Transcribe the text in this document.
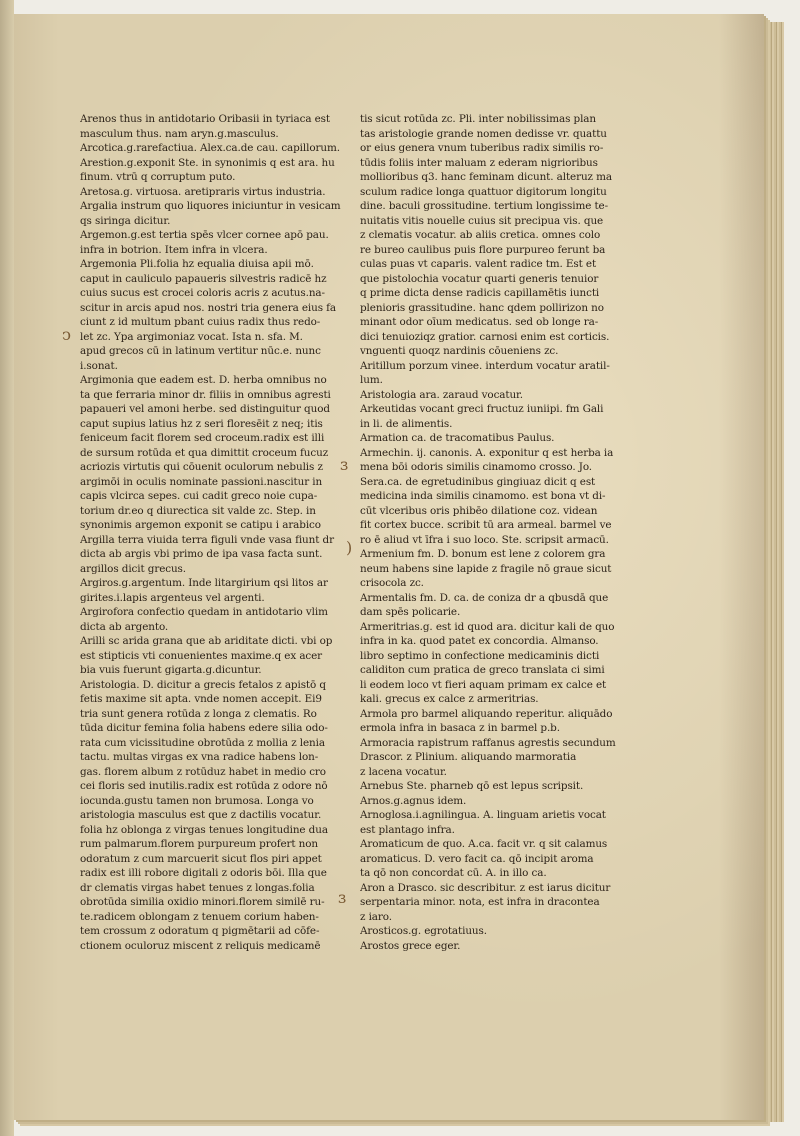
Arenos thus in antidotario Oribasii in tyriaca est
masculum thus. nam aryn.g.masculus.
Arcotica.g.rarefactiua. Alex.ca.de cau. capillorum.
Arestion.g.exponit Ste. in synonimis q est ara. hu
finum. vtrū q corruptum puto.
Aretosa.g. virtuosa. aretipraris virtus industria.
Argalia instrum quo liquores iniciuntur in vesicam
qs siringa dicitur.
Argemon.g.est tertia spēs vlcer cornee apō pau.
infra in botrion. Item infra in vlcera.
Argemonia Pli.folia hz equalia diuisa apii mō.
caput in cauliculo papaueris silvestris radicē hz
cuius sucus est crocei coloris acris z acutus.na-
scitur in arcis apud nos. nostri tria genera eius fa
ciunt z id multum pbant cuius radix thus redo-
let zc. Ypa argimoniaz vocat. Ista n. sfa. M.
apud grecos cū in latinum vertitur nūc.e. nunc
i.sonat.
Argimonia que eadem est. D. herba omnibus no
ta que ferraria minor dr. filiis in omnibus agresti
papaueri vel amoni herbe. sed distinguitur quod
caput supius latius hz z seri floresēit z neq; itis
feniceum facit florem sed croceum.radix est illi
de sursum rotūda et qua dimittit croceum fucuz
acriozis virtutis qui cōuenit oculorum nebulis z
argimōi in oculis nominate passioni.nascitur in
capis vlcirca sepes. cui cadit greco noie cupa-
torium dr.eo q diurectica sit valde zc. Step. in
synonimis argemon exponit se catipu i arabico
Argilla terra viuida terra figuli vnde vasa fiunt dr
dicta ab argis vbi primo de ipa vasa facta sunt.
argillos dicit grecus.
Argiros.g.argentum. Inde litargirium qsi litos ar
girites.i.lapis argenteus vel argenti.
Argirofora confectio quedam in antidotario vlim
dicta ab argento.
Arilli sc arida grana que ab ariditate dicti. vbi op
est stipticis vti conuenientes maxime.q ex acer
bia vuis fuerunt gigarta.g.dicuntur.
Aristologia. D. dicitur a grecis fetalos z apistō q
fetis maxime sit apta. vnde nomen accepit. Ei9
tria sunt genera rotūda z longa z clematis. Ro
tūda dicitur femina folia habens edere silia odo-
rata cum vicissitudine obrotūda z mollia z lenia
tactu. multas virgas ex vna radice habens lon-
gas. florem album z rotūduz habet in medio cro
cei floris sed inutilis.radix est rotūda z odore nō
iocunda.gustu tamen non brumosa. Longa vo
aristologia masculus est que z dactilis vocatur.
folia hz oblonga z virgas tenues longitudine dua
rum palmarum.florem purpureum profert non
odoratum z cum marcuerit sicut flos piri appet
radix est illi robore digitali z odoris bōi. Illa que
dr clematis virgas habet tenues z longas.folia
obrotūda similia oxidio minori.florem similē ru-
te.radicem oblongam z tenuem corium haben-
tem crossum z odoratum q pigmētarii ad cōfe-
ctionem oculoruz miscent z reliquis medicamē
tis sicut rotūda zc. Pli. inter nobilissimas plan
tas aristologie grande nomen dedisse vr. quattu
or eius genera vnum tuberibus radix similis ro-
tūdis foliis inter maluam z ederam nigrioribus
mollioribus q3. hanc feminam dicunt. alteruz ma
sculum radice longa quattuor digitorum longitu
dine. baculi grossitudine. tertium longissime te-
nuitatis vitis nouelle cuius sit precipua vis. que
z clematis vocatur. ab aliis cretica. omnes colo
re bureo caulibus puis flore purpureo ferunt ba
culas puas vt caparis. valent radice tm. Est et
que pistolochia vocatur quarti generis tenuior
q prime dicta dense radicis capillamētis iuncti
plenioris grassitudine. hanc qdem pollirizon no
minant odor oīum medicatus. sed ob longe ra-
dici tenuioziqz gratior. carnosi enim est corticis.
vnguenti quoqz nardinis cōueniens zc.
Aritillum porzum vinee. interdum vocatur aratil-
lum.
Aristologia ara. zaraud vocatur.
Arkeutidas vocant greci fructuz iuniipi. fm Gali
in li. de alimentis.
Armation ca. de tracomatibus Paulus.
Armechin. ij. canonis. A. exponitur q est herba ia
mena bōi odoris similis cinamomo crosso. Jo.
Sera.ca. de egretudinibus gingiuaz dicit q est
medicina inda similis cinamomo. est bona vt di-
cūt vlceribus oris phibēo dilatione coz. videan
fit cortex bucce. scribit tū ara armeal. barmel ve
ro ē aliud vt īfra i suo loco. Ste. scripsit armacū.
Armenium fm. D. bonum est lene z colorem gra
neum habens sine lapide z fragile nō graue sicut
crisocola zc.
Armentalis fm. D. ca. de coniza dr a qbusdā que
dam spēs policarie.
Armeritrias.g. est id quod ara. dicitur kali de quo
infra in ka. quod patet ex concordia. Almanso.
libro septimo in confectione medicaminis dicti
caliditon cum pratica de greco translata ci simi
li eodem loco vt fieri aquam primam ex calce et
kali. grecus ex calce z armeritrias.
Armola pro barmel aliquando reperitur. aliquādo
ermola infra in basaca z in barmel p.b.
Armoracia rapistrum raffanus agrestis secundum
Drascor. z Plinium. aliquando marmoratia
z lacena vocatur.
Arnebus Ste. pharneb qō est lepus scripsit.
Arnos.g.agnus idem.
Arnoglosa.i.agnilingua. A. linguam arietis vocat
est plantago infra.
Aromaticum de quo. A.ca. facit vr. q sit calamus
aromaticus. D. vero facit ca. qō incipit aroma
ta qō non concordat cū. A. in illo ca.
Aron a Drasco. sic describitur. z est iarus dicitur
serpentaria minor. nota, est infra in dracontea
z iaro.
Arosticos.g. egrotatiuus.
Arostos grece eger.
ↄ
ɜ
)
ɜ
